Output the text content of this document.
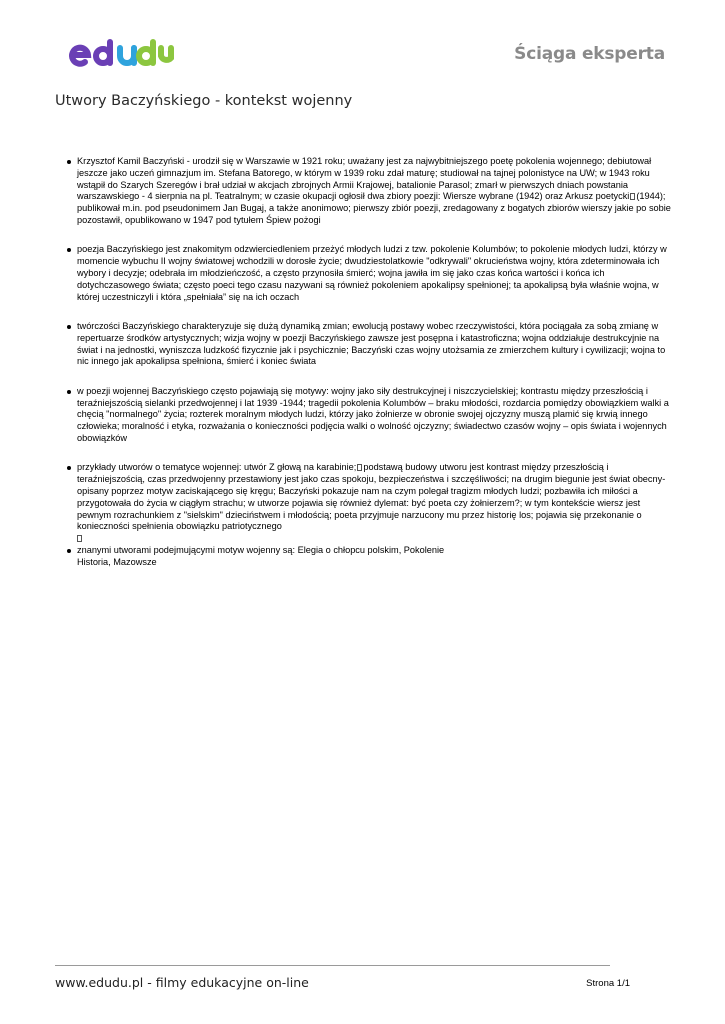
Ściąga eksperta
Utwory Baczyńskiego - kontekst wojenny
Krzysztof Kamil Baczyński - urodził się w Warszawie w 1921 roku; uważany jest za najwybitniejszego poetę pokolenia wojennego; debiutował jeszcze jako uczeń gimnazjum im. Stefana Batorego, w którym w 1939 roku zdał maturę; studiował na tajnej polonistyce na UW; w 1943 roku wstąpił do Szarych Szeregów i brał udział w akcjach zbrojnych Armii Krajowej, batalionie Parasol; zmarł w pierwszych dniach powstania warszawskiego - 4 sierpnia na pl. Teatralnym; w czasie okupacji ogłosił dwa zbiory poezji: Wiersze wybrane (1942) oraz Arkusz poetycki (1944); publikował m.in. pod pseudonimem Jan Bugaj, a także anonimowo; pierwszy zbiór poezji, zredagowany z bogatych zbiorów wierszy jakie po sobie pozostawił, opublikowano w 1947 pod tytułem Śpiew pożogi
poezja Baczyńskiego jest znakomitym odzwierciedleniem przeżyć młodych ludzi z tzw. pokolenie Kolumbów; to pokolenie młodych ludzi, którzy w momencie wybuchu II wojny światowej wchodzili w dorosłe życie; dwudziestolatkowie "odkrywali" okrucieństwa wojny, która zdeterminowała ich wybory i decyzje; odebrała im młodzieńczość, a często przynosiła śmierć; wojna jawiła im się jako czas końca wartości i końca ich dotychczasowego świata; często poeci tego czasu nazywani są również pokoleniem apokalipsy spełnionej; ta apokalipsą była właśnie wojna, w której uczestniczyli i która „spełniała” się na ich oczach
twórczości Baczyńskiego charakteryzuje się dużą dynamiką zmian; ewolucją postawy wobec rzeczywistości, która pociągała za sobą zmianę w repertuarze środków artystycznych; wizja wojny w poezji Baczyńskiego zawsze jest posępna i katastroficzna; wojna oddziałuje destrukcyjnie na świat i na jednostki, wyniszcza ludzkość fizycznie jak i psychicznie; Baczyński czas wojny utożsamia ze zmierzchem kultury i cywilizacji; wojna to nic innego jak apokalipsa spełniona, śmierć i koniec świata
w poezji wojennej Baczyńskiego często pojawiają się motywy: wojny jako siły destrukcyjnej i niszczycielskiej; kontrastu między przeszłością i teraźniejszością sielanki przedwojennej i lat 1939 -1944; tragedii pokolenia Kolumbów – braku młodości, rozdarcia pomiędzy obowiązkiem walki a chęcią "normalnego" życia; rozterek moralnym młodych ludzi, którzy jako żołnierze w obronie swojej ojczyzny muszą plamić się krwią innego człowieka; moralność i etyka, rozważania o konieczności podjęcia walki o wolność ojczyzny; świadectwo czasów wojny – opis świata i wojennych obowiązków
przykłady utworów o tematyce wojennej: utwór Z głową na karabinie; podstawą budowy utworu jest kontrast między przeszłością i teraźniejszością, czas przedwojenny przestawiony jest jako czas spokoju, bezpieczeństwa i szczęśliwości; na drugim biegunie jest świat obecny- opisany poprzez motyw zaciskającego się kręgu; Baczyński pokazuje nam na czym polegał tragizm młodych ludzi; pozbawiła ich miłości a przygotowała do życia w ciągłym strachu; w utworze pojawia się również dylemat: być poeta czy żołnierzem?; w tym kontekście wiersz jest pewnym rozrachunkiem z "sielskim" dzieciństwem i młodością; poeta przyjmuje narzucony mu przez historię los; pojawia się przekonanie o konieczności spełnienia obowiązku patriotycznego
znanymi utworami podejmującymi motyw wojenny są: Elegia o chłopcu polskim, Pokolenie
Historia, Mazowsze
www.edudu.pl - filmy edukacyjne on-line	Strona 1/1
